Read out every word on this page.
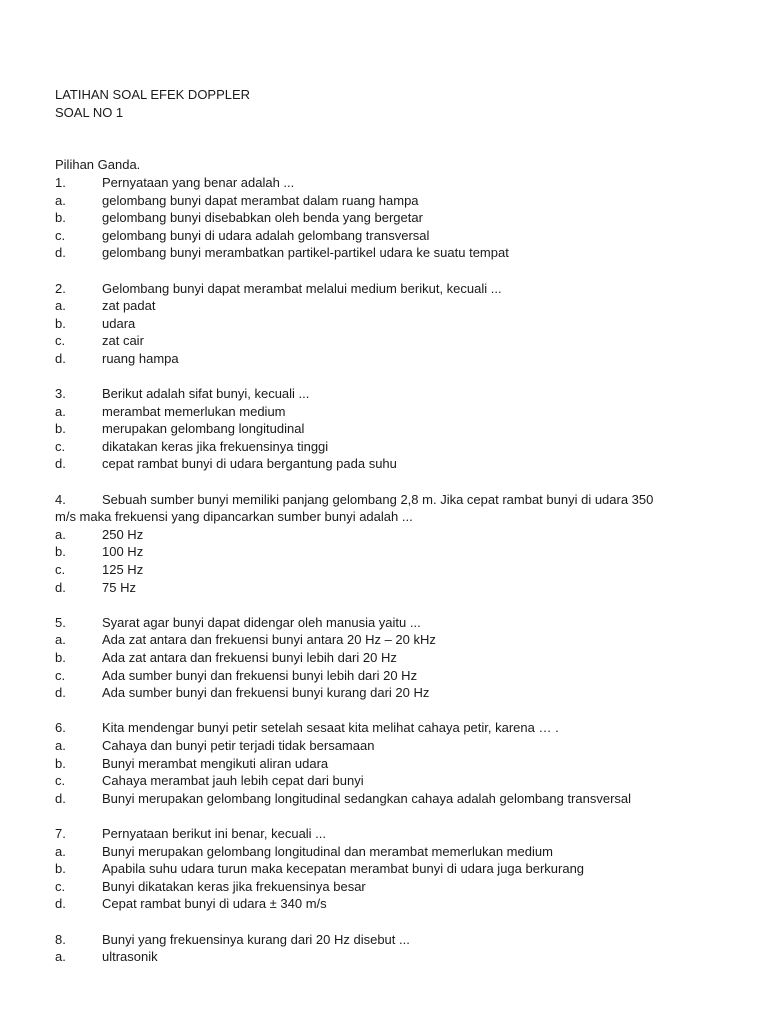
LATIHAN SOAL EFEK DOPPLER
SOAL NO 1
Pilihan Ganda.
1.	Pernyataan yang benar adalah ...
a.	gelombang bunyi dapat merambat dalam ruang hampa
b.	gelombang bunyi disebabkan oleh benda yang bergetar
c.	gelombang bunyi di udara adalah gelombang transversal
d.	gelombang bunyi merambatkan partikel-partikel udara ke suatu tempat
2.	Gelombang bunyi dapat merambat melalui medium berikut, kecuali ...
a.	zat padat
b.	udara
c.	zat cair
d.	ruang hampa
3.	Berikut adalah sifat bunyi, kecuali ...
a.	merambat memerlukan medium
b.	merupakan gelombang longitudinal
c.	dikatakan keras jika frekuensinya tinggi
d.	cepat rambat bunyi di udara bergantung pada suhu
4.	Sebuah sumber bunyi memiliki panjang gelombang 2,8 m. Jika cepat rambat bunyi di udara 350
m/s maka frekuensi yang dipancarkan sumber bunyi adalah ...
a.	250 Hz
b.	100 Hz
c.	125 Hz
d.	75 Hz
5.	Syarat agar bunyi dapat didengar oleh manusia yaitu ...
a.	Ada zat antara dan frekuensi bunyi antara 20 Hz – 20 kHz
b.	Ada zat antara dan frekuensi bunyi lebih dari 20 Hz
c.	Ada sumber bunyi dan frekuensi bunyi lebih dari 20 Hz
d.	Ada sumber bunyi dan frekuensi bunyi kurang dari 20 Hz
6.	Kita mendengar bunyi petir setelah sesaat kita melihat cahaya petir, karena … .
a.	Cahaya dan bunyi petir terjadi tidak bersamaan
b.	Bunyi merambat mengikuti aliran udara
c.	Cahaya merambat jauh lebih cepat dari bunyi
d.	Bunyi merupakan gelombang longitudinal sedangkan cahaya adalah gelombang transversal
7.	Pernyataan berikut ini benar, kecuali ...
a.	Bunyi merupakan gelombang longitudinal dan merambat memerlukan medium
b.	Apabila suhu udara turun maka kecepatan merambat bunyi di udara juga berkurang
c.	Bunyi dikatakan keras jika frekuensinya besar
d.	Cepat rambat bunyi di udara ± 340 m/s
8.	Bunyi yang frekuensinya kurang dari 20 Hz disebut ...
a.	ultrasonik
